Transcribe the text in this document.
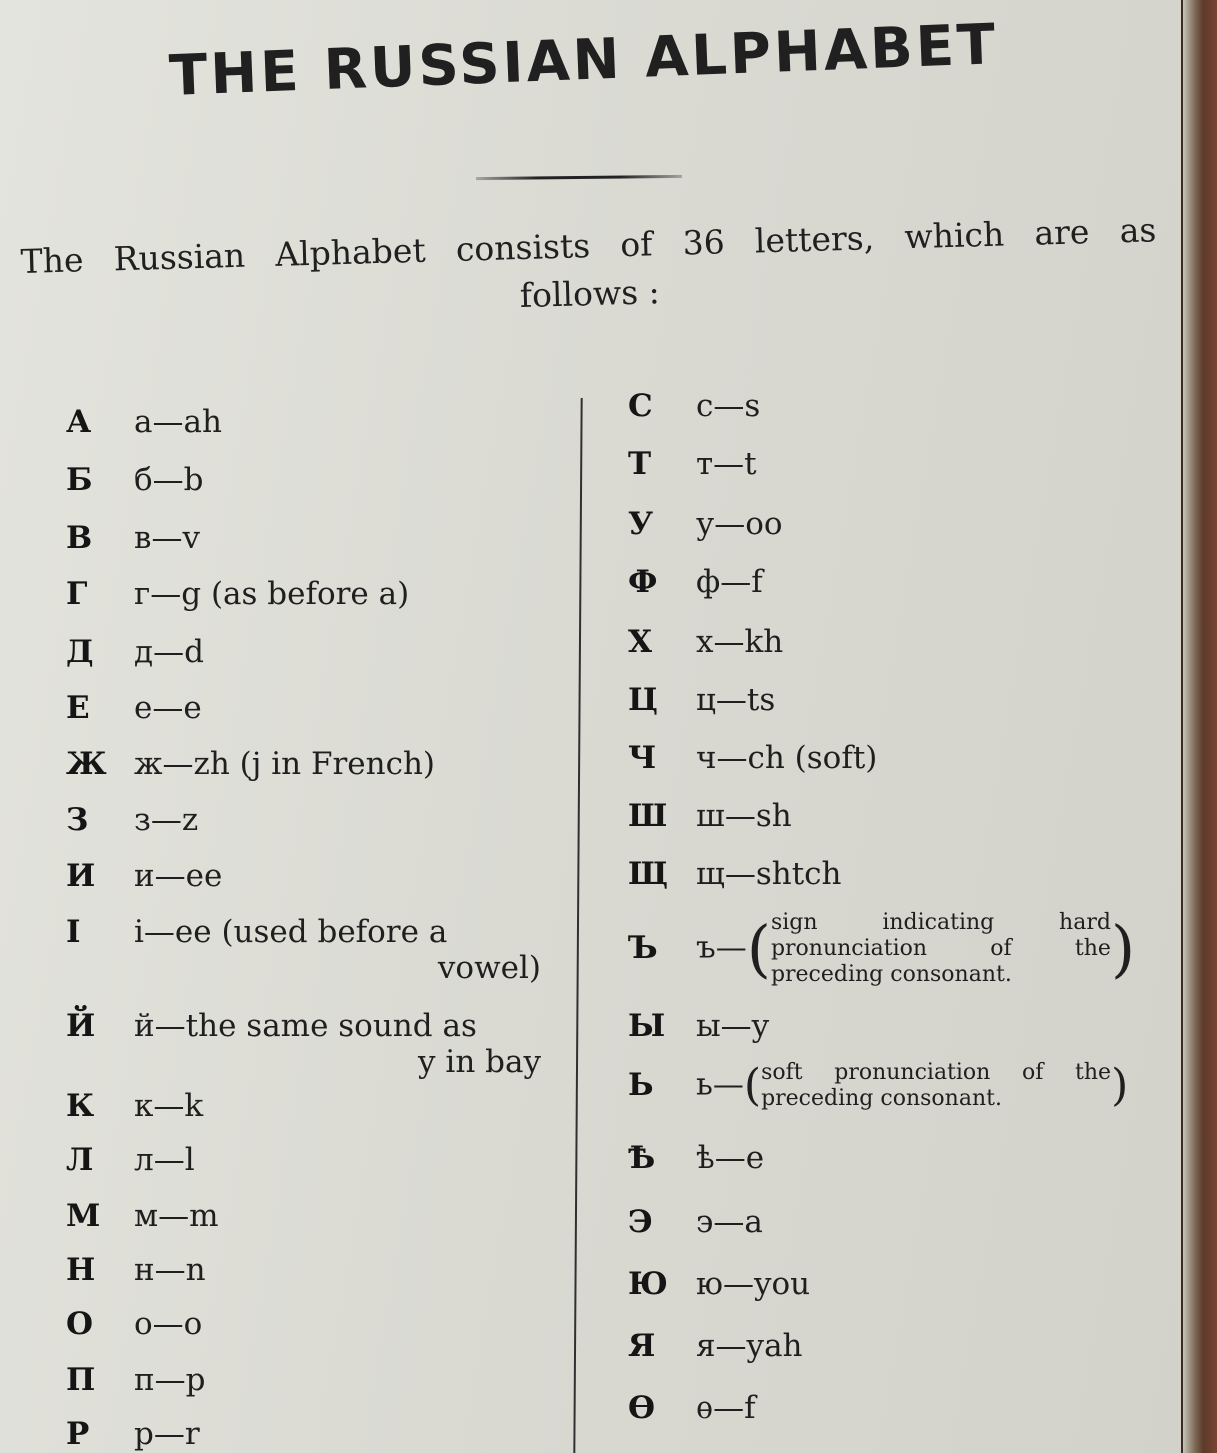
THE RUSSIAN ALPHABET
The Russian Alphabet consists of 36 letters, which are as
follows :
А а—ah
Б б—b
В в—v
Г г—g (as before a)
Д д—d
Е е—e
Ж ж—zh (j in French)
З з—z
И и—ee
І і—ee (used before a
vowel)
Й й—the same sound as
y in bay
К к—k
Л л—l
М м—m
Н н—n
О о—o
П п—p
Р р—r
С с—s
Т т—t
У у—oo
Ф ф—f
Х х—kh
Ц ц—ts
Ч ч—ch (soft)
Ш ш—sh
Щ щ—shtch
Ъ ъ—(sign indicating hard pronunciation of the preceding consonant. )
Ы ы—y
Ь ь—(soft pronunciation of the preceding consonant. )
Ѣ ѣ—e
Э э—a
Ю ю—you
Я я—yah
Ѳ ѳ—f
